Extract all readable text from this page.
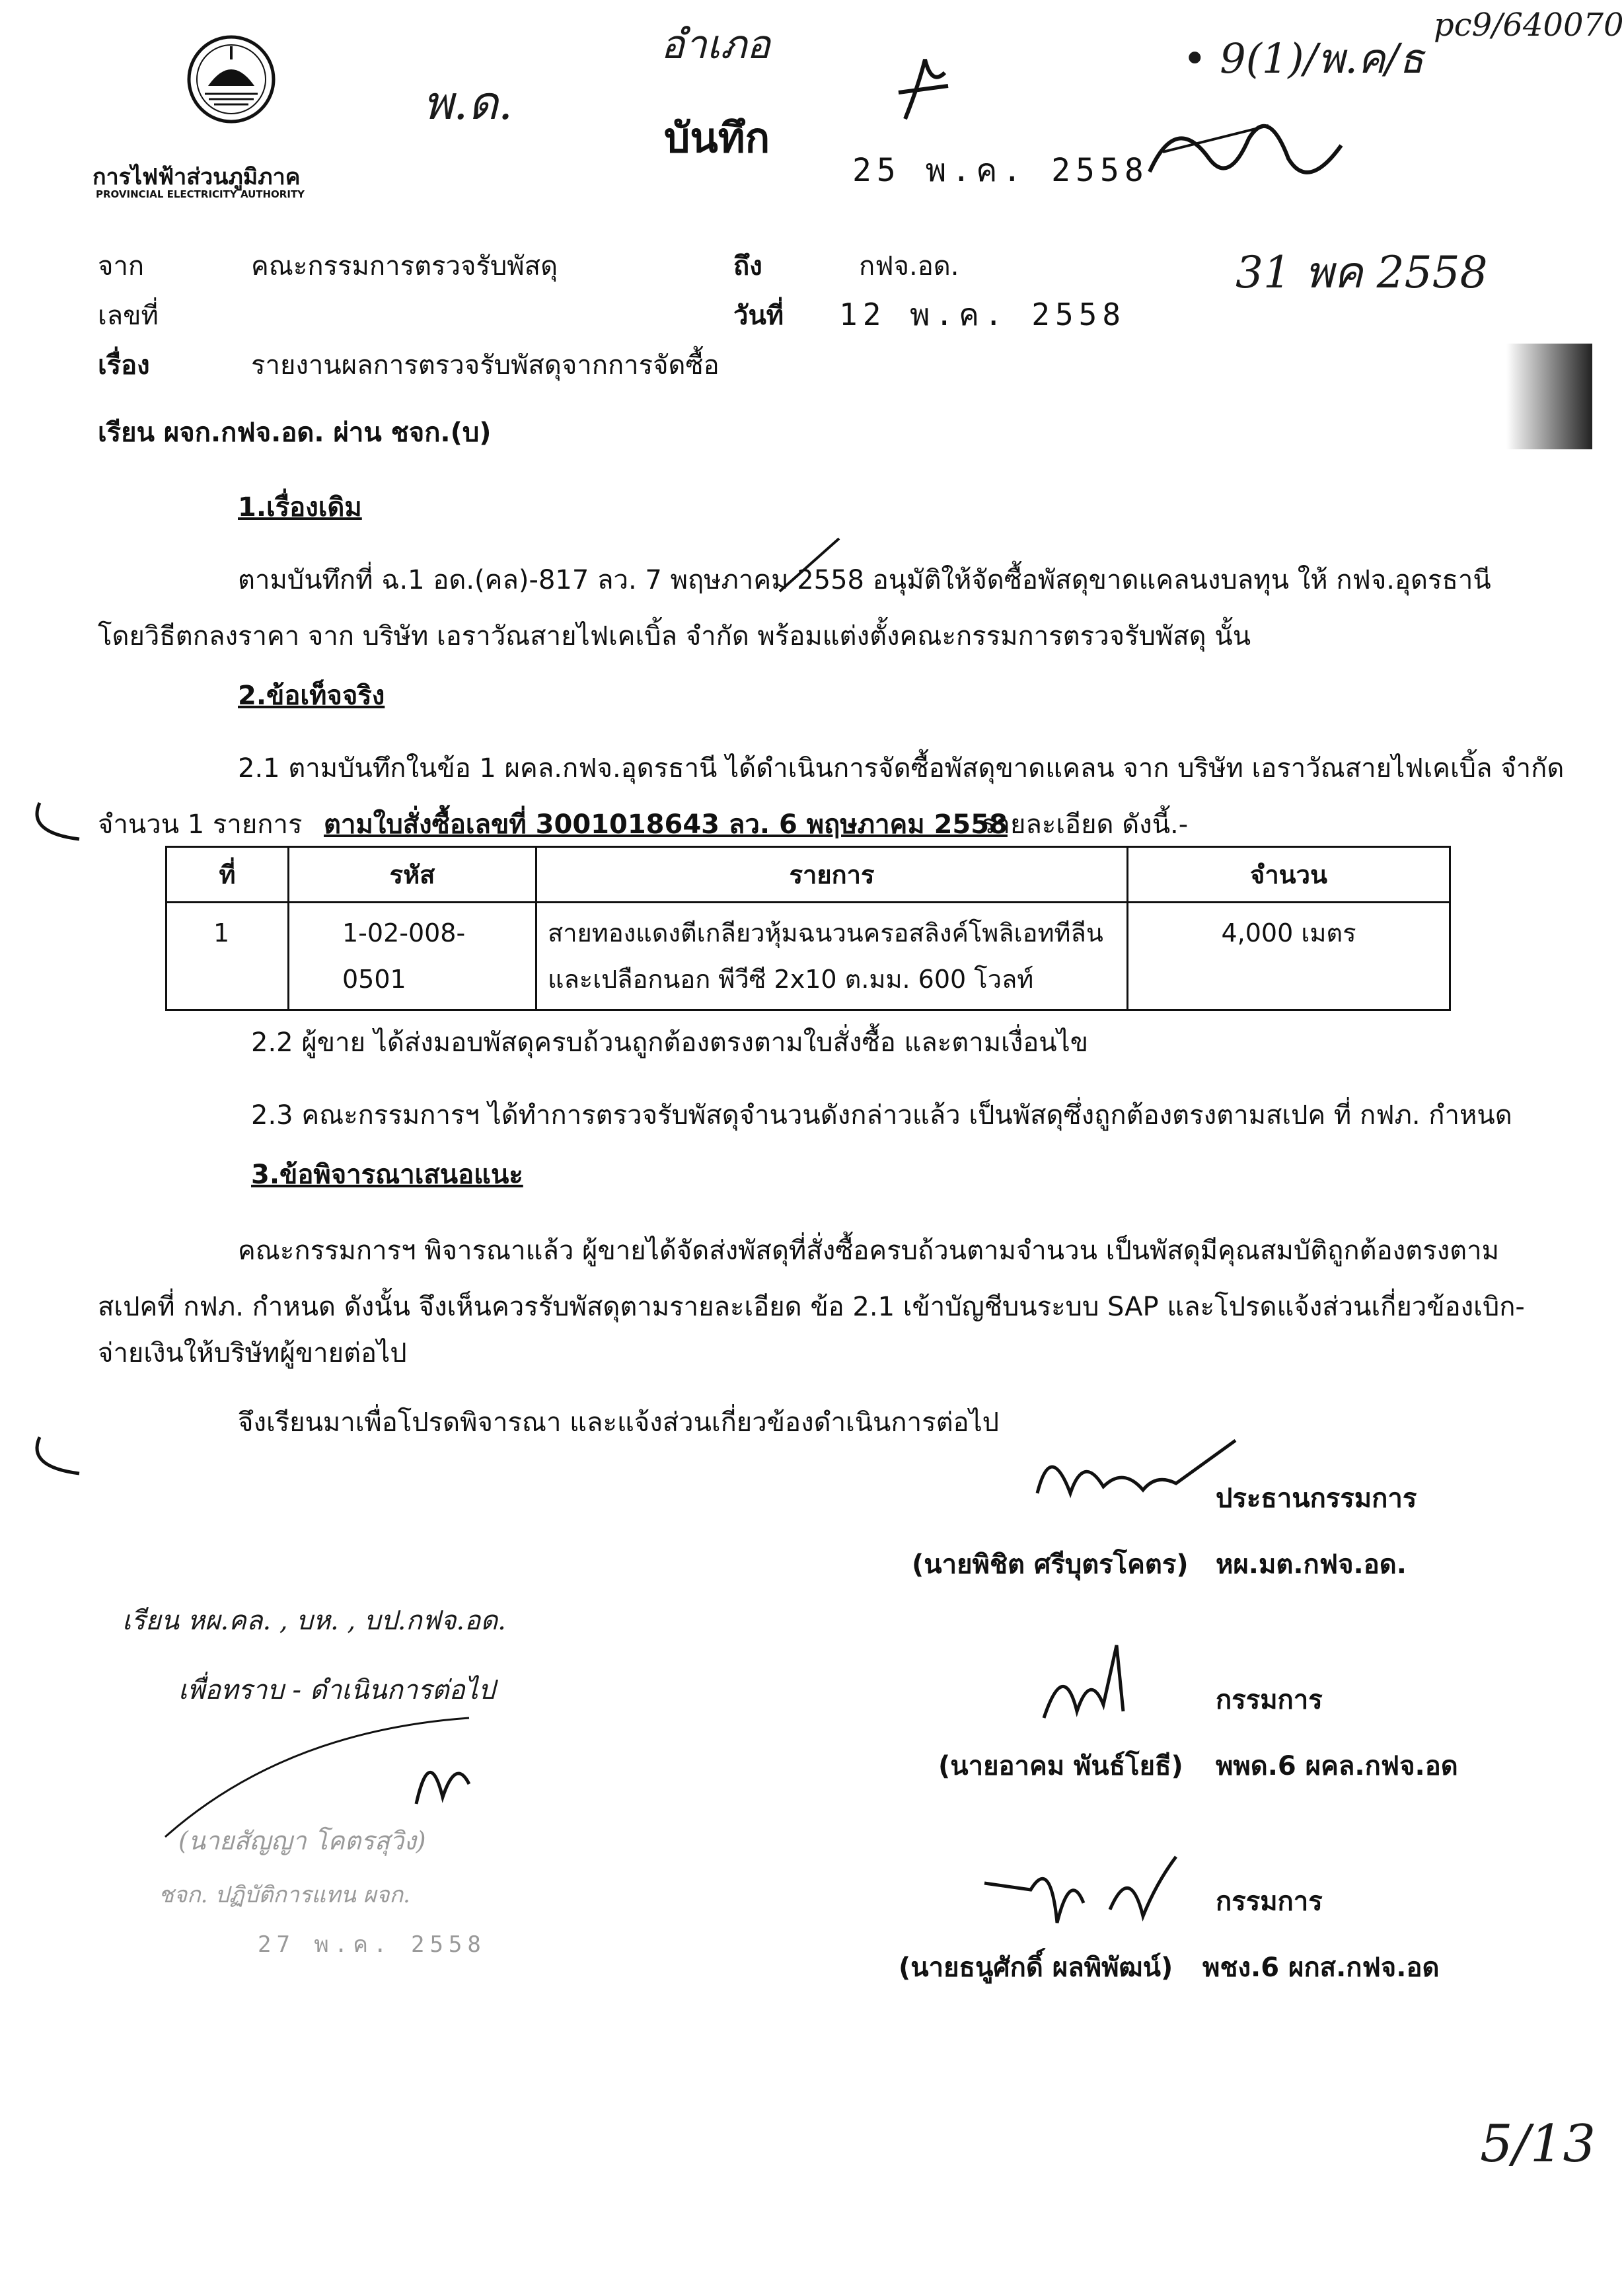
การไฟฟ้าส่วนภูมิภาค
PROVINCIAL ELECTRICITY AUTHORITY
พ.ด.
อำเภอ
บันทึก
25 พ.ค. 2558
• 9(1)/พ.ค/ธ
pc9/640070
31 พค 2558
จาก	คณะกรรมการตรวจรับพัสดุ	ถึง	กฟจ.อด.
เลขที่	วันที่ 12 พ.ค. 2558
เรื่อง	รายงานผลการตรวจรับพัสดุจากการจัดซื้อ
เรียน ผจก.กฟจ.อด. ผ่าน ชจก.(บ)
1.เรื่องเดิม
ตามบันทึกที่ ฉ.1 อด.(คล)-817 ลว. 7 พฤษภาคม 2558 อนุมัติให้จัดซื้อพัสดุขาดแคลนงบลทุน ให้ กฟจ.อุดรธานี
โดยวิธีตกลงราคา จาก บริษัท เอราวัณสายไฟเคเบิ้ล จำกัด พร้อมแต่งตั้งคณะกรรมการตรวจรับพัสดุ นั้น
2.ข้อเท็จจริง
2.1 ตามบันทึกในข้อ 1 ผคล.กฟจ.อุดรธานี ได้ดำเนินการจัดซื้อพัสดุขาดแคลน จาก บริษัท เอราวัณสายไฟเคเบิ้ล จำกัด
จำนวน 1 รายการ ตามใบสั่งซื้อเลขที่ 3001018643 ลว. 6 พฤษภาคม 2558
รายละเอียด ดังนี้.-
ที่	รหัส	รายการ	จำนวน
1	1-02-008-0501	สายทองแดงตีเกลียวหุ้มฉนวนครอสลิงค์โพลิเอททีลีน
และเปลือกนอก พีวีซี 2x10 ต.มม. 600 โวลท์	4,000 เมตร
2.2 ผู้ขาย ได้ส่งมอบพัสดุครบถ้วนถูกต้องตรงตามใบสั่งซื้อ และตามเงื่อนไข
2.3 คณะกรรมการฯ ได้ทำการตรวจรับพัสดุจำนวนดังกล่าวแล้ว เป็นพัสดุซึ่งถูกต้องตรงตามสเปค ที่ กฟภ. กำหนด
3.ข้อพิจารณาเสนอแนะ
คณะกรรมการฯ พิจารณาแล้ว ผู้ขายได้จัดส่งพัสดุที่สั่งซื้อครบถ้วนตามจำนวน เป็นพัสดุมีคุณสมบัติถูกต้องตรงตาม
สเปคที่ กฟภ. กำหนด ดังนั้น จึงเห็นควรรับพัสดุตามรายละเอียด ข้อ 2.1 เข้าบัญชีบนระบบ SAP และโปรดแจ้งส่วนเกี่ยวข้องเบิก-
จ่ายเงินให้บริษัทผู้ขายต่อไป
จึงเรียนมาเพื่อโปรดพิจารณา และแจ้งส่วนเกี่ยวข้องดำเนินการต่อไป
ประธานกรรมการ
(นายพิชิต ศรีบุตรโคตร) หผ.มต.กฟจ.อด.
กรรมการ
(นายอาคม พันธ์โยธี) พพด.6 ผคล.กฟจ.อด
กรรมการ
(นายธนูศักดิ์ ผลพิพัฒน์) พชง.6 ผกส.กฟจ.อด
เรียน หผ.คล. , บห. , บป.กฟจ.อด.
เพื่อทราบ - ดำเนินการต่อไป
(นายสัญญา โคตรสุวิง)
ชจก. ปฏิบัติการแทน ผจก.
27 พ.ค. 2558
5/13
